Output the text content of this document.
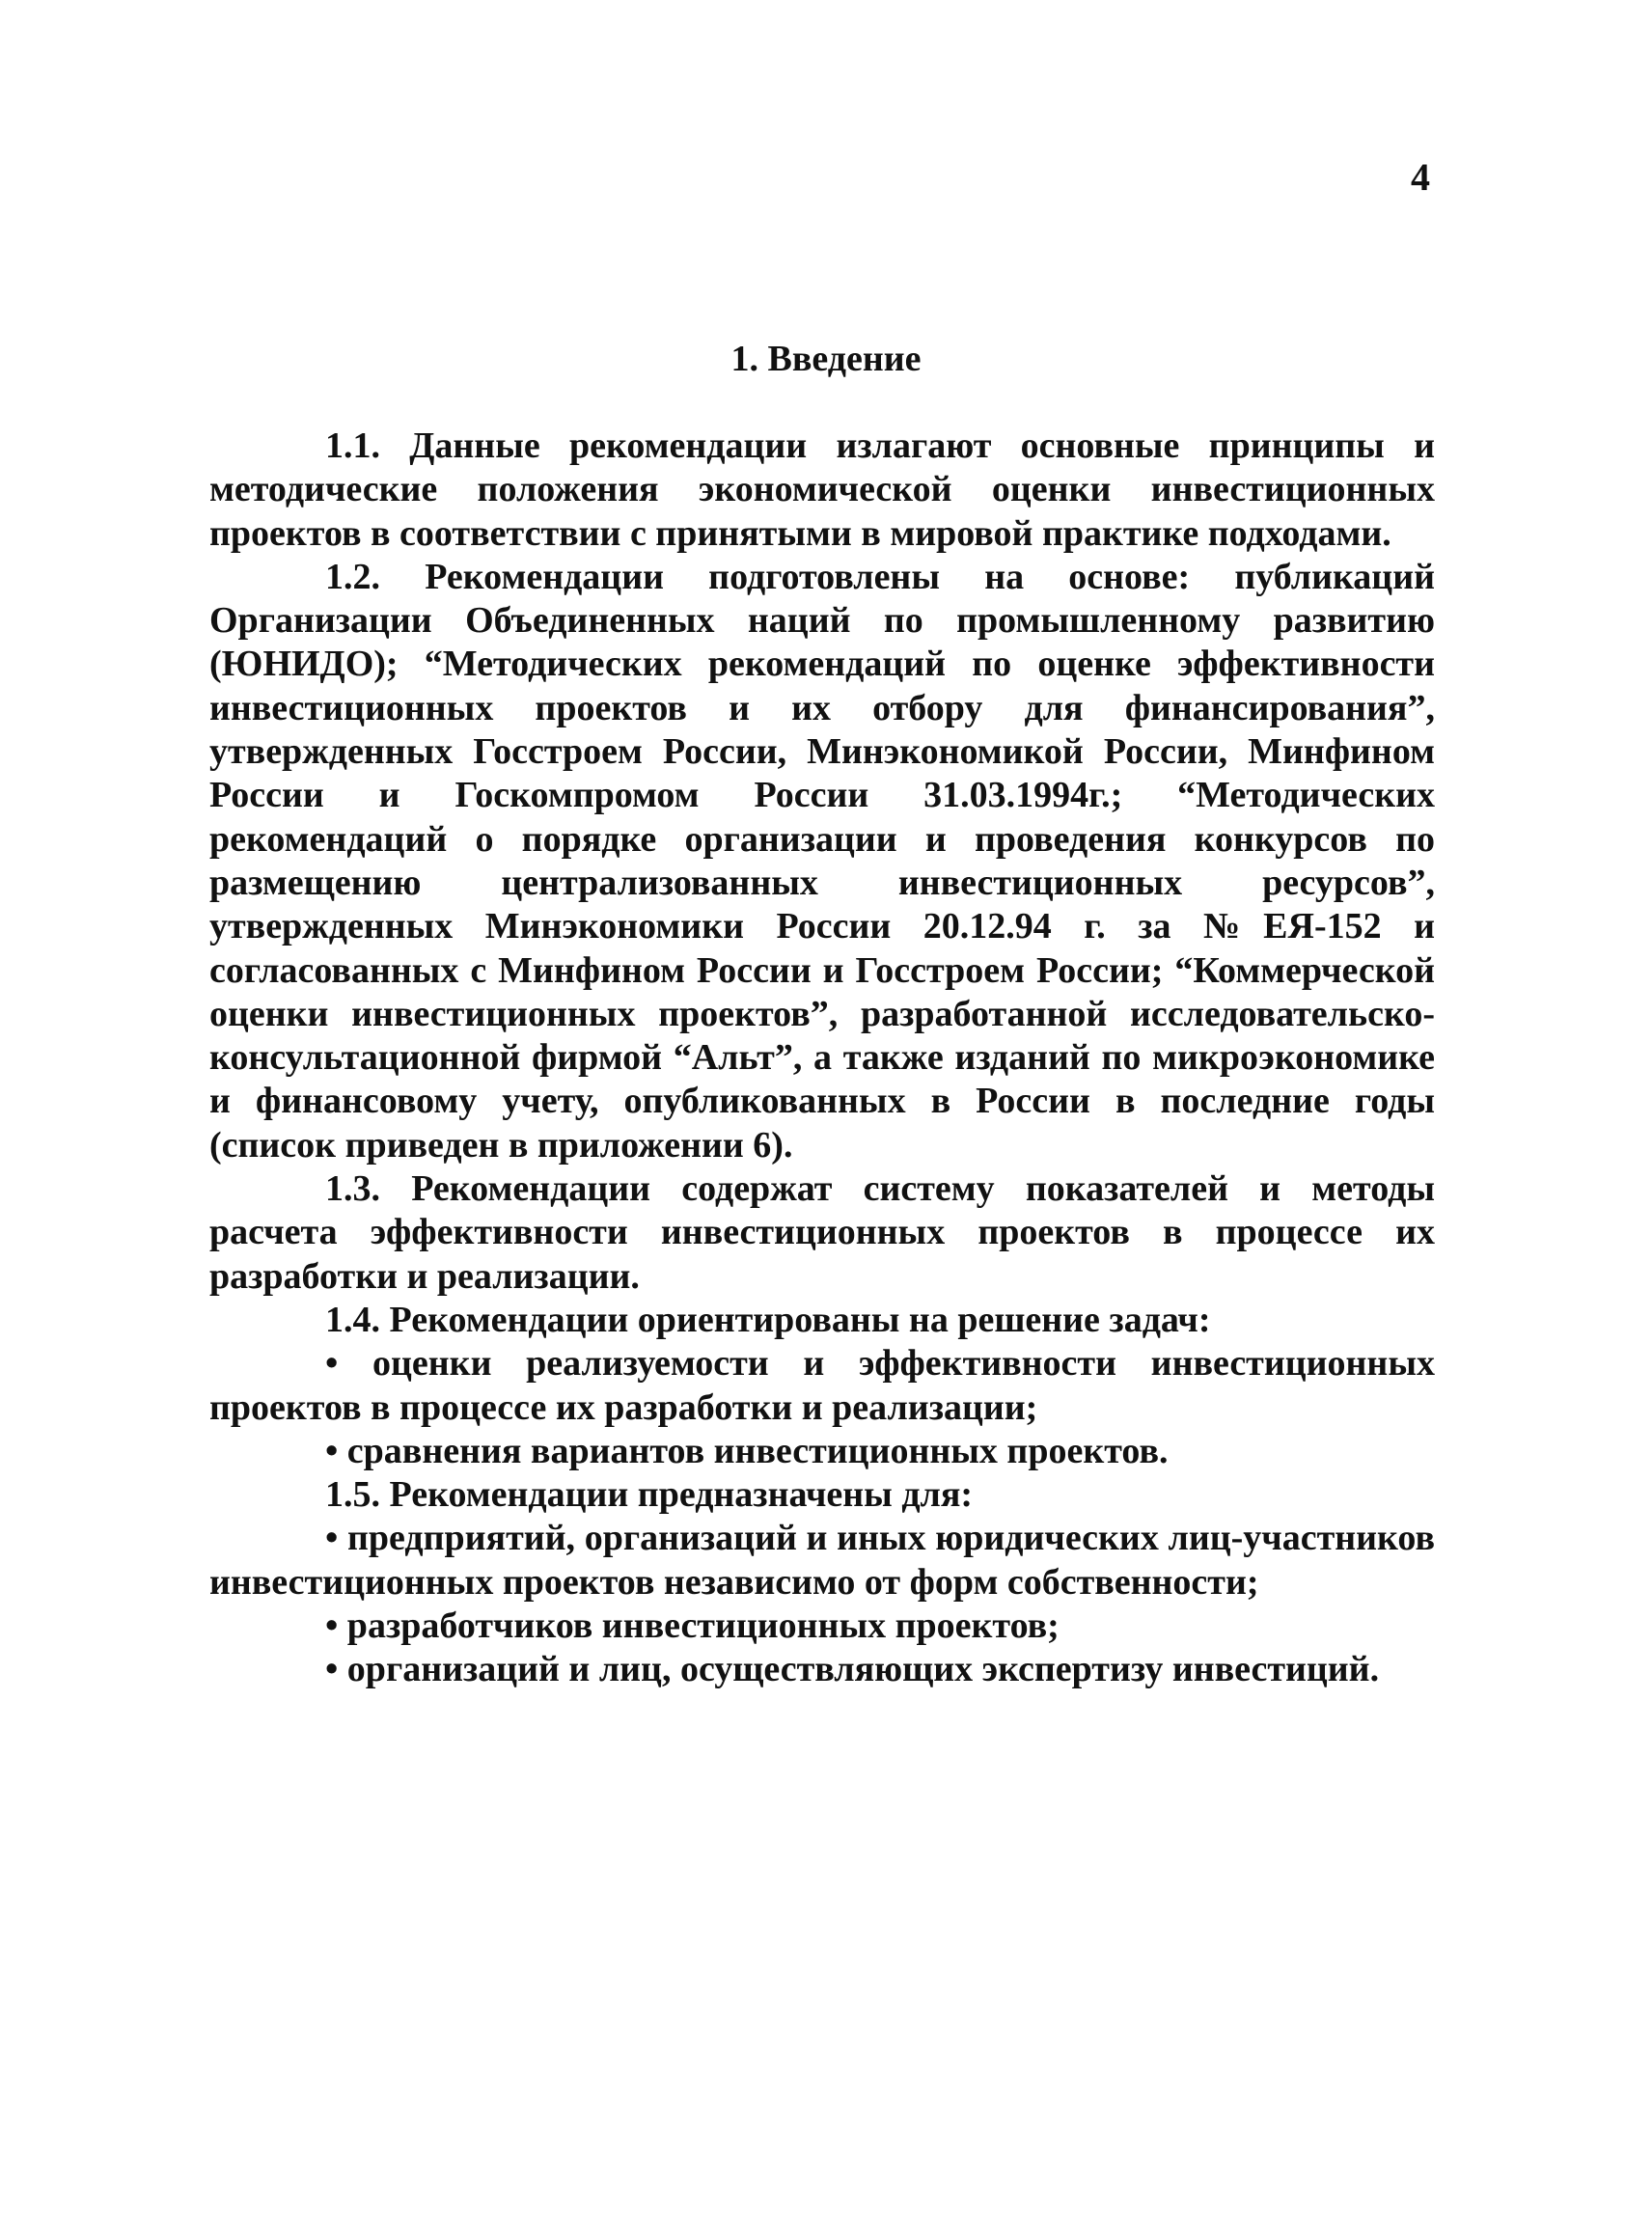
4
1. Введение

1.1. Данные рекомендации излагают основные принципы и методические положения экономической оценки инвестиционных проектов в соответствии с принятыми в мировой практике подходами.

1.2. Рекомендации подготовлены на основе: публикаций Организации Объединенных наций по промышленному развитию (ЮНИДО); “Методических рекомендаций по оценке эффективности инвестиционных проектов и их отбору для финансирования”, утвержденных Госстроем России, Минэкономикой России, Минфином России и Госкомпромом России 31.03.1994г.; “Методических рекомендаций о порядке организации и проведения конкурсов по размещению централизованных инвестиционных ресурсов”, утвержденных Минэкономики России 20.12.94 г. за №ЕЯ-152 и согласованных с Минфином России и Госстроем России; “Коммерческой оценки инвестиционных проектов”, разработанной исследовательско-консультационной фирмой “Альт”, а также изданий по микроэкономике и финансовому учету, опубликованных в России в последние годы (список приведен в приложении 6).

1.3. Рекомендации содержат систему показателей и методы расчета эффективности инвестиционных проектов в процессе их разработки и реализации.

1.4. Рекомендации ориентированы на решение задач:

• оценки реализуемости и эффективности инвестиционных проектов в процессе их разработки и реализации;

• сравнения вариантов инвестиционных проектов.

1.5. Рекомендации предназначены для:

• предприятий, организаций и иных юридических лиц-участников инвестиционных проектов независимо от форм собственности;

• разработчиков инвестиционных проектов;

• организаций и лиц, осуществляющих экспертизу инвестиций.
